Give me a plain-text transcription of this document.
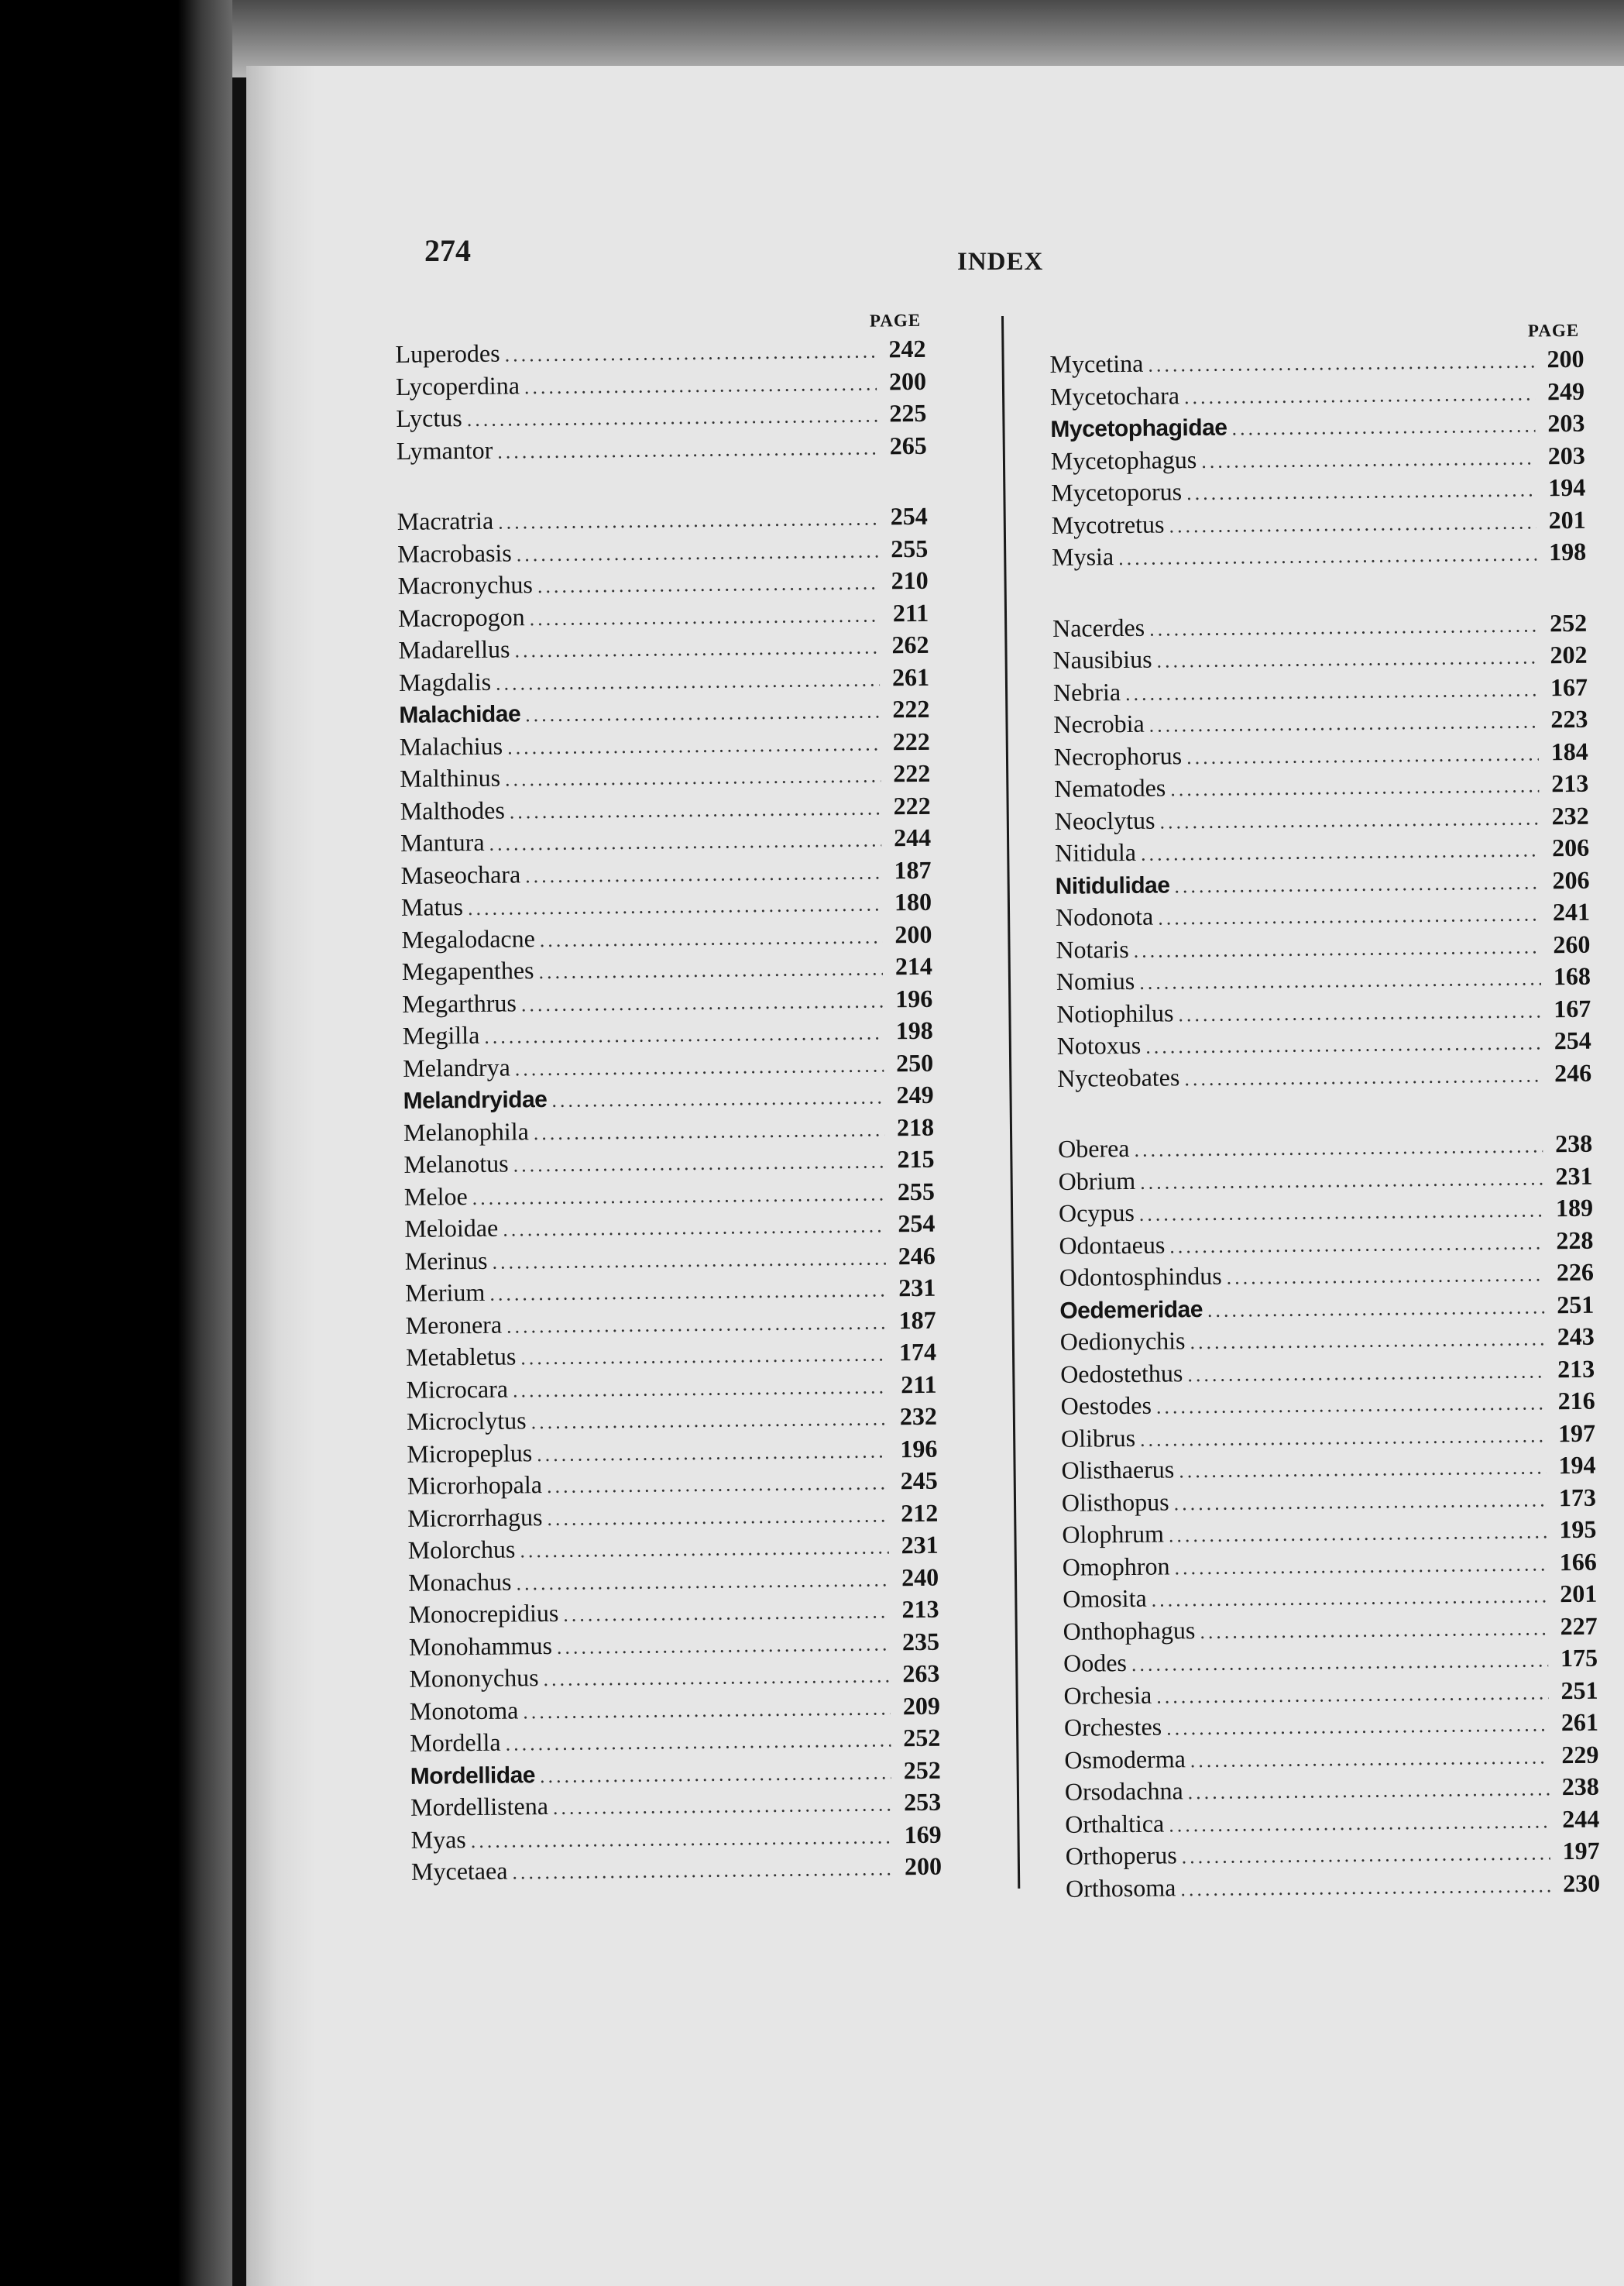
274	INDEX
PAGE
Luperodes .....	242
Lycoperdina .....	200
Lyctus .....	225
Lymantor .....	265
Macratria .....	254
Macrobasis .....	255
Macronychus .....	210
Macropogon .....	211
Madarellus .....	262
Magdalis .....	261
Malachidae .....	222
Malachius .....	222
Malthinus .....	222
Malthodes .....	222
Mantura .....	244
Maseochara .....	187
Matus .....	180
Megalodacne .....	200
Megapenthes .....	214
Megarthrus .....	196
Megilla .....	198
Melandrya .....	250
Melandryidae .....	249
Melanophila .....	218
Melanotus .....	215
Meloe .....	255
Meloidae .....	254
Merinus .....	246
Merium .....	231
Meronera .....	187
Metabletus .....	174
Microcara .....	211
Microclytus .....	232
Micropeplus .....	196
Microrhopala .....	245
Microrrhagus .....	212
Molorchus .....	231
Monachus .....	240
Monocrepidius .....	213
Monohammus .....	235
Mononychus .....	263
Monotoma .....	209
Mordella .....	252
Mordellidae .....	252
Mordellistena .....	253
Myas .....	169
Mycetaea .....	200
PAGE
Mycetina .....	200
Mycetochara .....	249
Mycetophagidae .....	203
Mycetophagus .....	203
Mycetoporus .....	194
Mycotretus .....	201
Mysia .....	198
Nacerdes .....	252
Nausibius .....	202
Nebria .....	167
Necrobia .....	223
Necrophorus .....	184
Nematodes .....	213
Neoclytus .....	232
Nitidula .....	206
Nitidulidae .....	206
Nodonota .....	241
Notaris .....	260
Nomius .....	168
Notiophilus .....	167
Notoxus .....	254
Nycteobates .....	246
Oberea .....	238
Obrium .....	231
Ocypus .....	189
Odontaeus .....	228
Odontosphindus .....	226
Oedemeridae .....	251
Oedionychis .....	243
Oedostethus .....	213
Oestodes .....	216
Olibrus .....	197
Olisthaerus .....	194
Olisthopus .....	173
Olophrum .....	195
Omophron .....	166
Omosita .....	201
Onthophagus .....	227
Oodes .....	175
Orchesia .....	251
Orchestes .....	261
Osmoderma .....	229
Orsodachna .....	238
Orthaltica .....	244
Orthoperus .....	197
Orthosoma .....	230
